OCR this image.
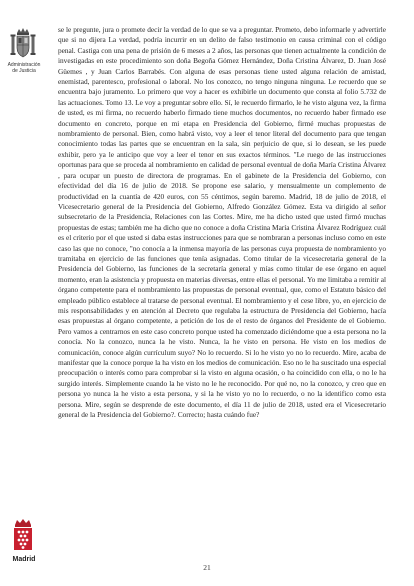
Administración
de Justicia
Madrid
se le pregunte, jura o promete decir la verdad de lo que se va a preguntar. Prometo, debo informarle y advertirle que si no dijera La verdad, podría incurrir en un delito de falso testimonio en causa criminal con el código penal. Castiga con una pena de prisión de 6 meses a 2 años, las personas que tienen actualmente la condición de investigadas en este procedimiento son doña Begoña Gómez Hernández, Doña Cristina Álvarez, D. Juan José Güemes , y Juan Carlos Barrabés. Con alguna de esas personas tiene usted alguna relación de amistad, enemistad, parentesco, profesional o laboral. No los conozco, no tengo ninguna ninguna. Le recuerdo que se encuentra bajo juramento. Lo primero que voy a hacer es exhibirle un documento que consta al folio 5.732 de las actuaciones. Tomo 13. Le voy a preguntar sobre ello. Sí, le recuerdo firmarlo, le he visto alguna vez, la firma de usted, es mi firma, no recuerdo haberlo firmado tiene muchos documentos, no recuerdo haber firmado ese documento en concreto, porque en mi etapa en Presidencia del Gobierno, firmé muchas propuestas de nombramiento de personal. Bien, como habrá visto, voy a leer el tenor literal del documento para que tengan conocimiento todas las partes que se encuentran en la sala, sin perjuicio de que, si lo desean, se les puede exhibir, pero ya le anticipo que voy a leer el tenor en sus exactos términos. "Le ruego de las instrucciones oportunas para que se proceda al nombramiento en calidad de personal eventual de doña María Cristina Álvarez , para ocupar un puesto de directora de programas. En el gabinete de la Presidencia del Gobierno, con efectividad del día 16 de julio de 2018. Se propone ese salario, y mensualmente un complemento de productividad en la cuantía de 420 euros, con 55 céntimos, según baremo. Madrid, 18 de julio de 2018, el Vicesecretario general de la Presidencia del Gobierno, Alfredo González Gómez. Esta va dirigido al señor subsecretario de la Presidencia, Relaciones con las Cortes. Mire, me ha dicho usted que usted firmó muchas propuestas de estas; también me ha dicho que no conoce a doña Cristina María Cristina Álvarez Rodríguez cuál es el criterio por el que usted si daba estas instrucciones para que se nombraran a personas incluso como en este caso las que no conoce, "no conocía a la inmensa mayoría de las personas cuya propuesta de nombramiento yo tramitaba en ejercicio de las funciones que tenía asignadas. Como titular de la vicesecretaria general de la Presidencia del Gobierno, las funciones de la secretaría general y mías como titular de ese órgano en aquel momento, eran la asistencia y propuesta en materias diversas, entre ellas el personal. Yo me limitaba a remitir al órgano competente para el nombramiento las propuestas de personal eventual, que, como el Estatuto básico del empleado público establece al tratarse de personal eventual. El nombramiento y el cese libre, yo, en ejercicio de mis responsabilidades y en atención al Decreto que regulaba la estructura de Presidencia del Gobierno, hacía esas propuestas al órgano competente, a petición de los de el resto de órganos del Presidente de el Gobierno. Pero vamos a centrarnos en este caso concreto porque usted ha comenzado diciéndome que a esta persona no la conocía. No la conozco, nunca la he visto. Nunca, la he visto en persona. He visto en los medios de comunicación, conoce algún currículum suyo? No lo recuerdo. Si lo he visto yo no lo recuerdo. Mire, acaba de manifestar que la conoce porque la ha visto en los medios de comunicación. Eso no le ha suscitado una especial preocupación o interés como para comprobar si la visto en alguna ocasión, o ha coincidido con ella, o no le ha surgido interés. Simplemente cuando la he visto no le he reconocido. Por qué no, no la conozco, y creo que en persona yo nunca la he visto a esta persona, y si la he visto yo no lo recuerdo, o no la identifico como esta persona. Mire, según se desprende de este documento, el día 11 de julio de 2018, usted era el Vicesecretario general de la Presidencia del Gobierno?. Correcto; hasta cuándo fue?
21
